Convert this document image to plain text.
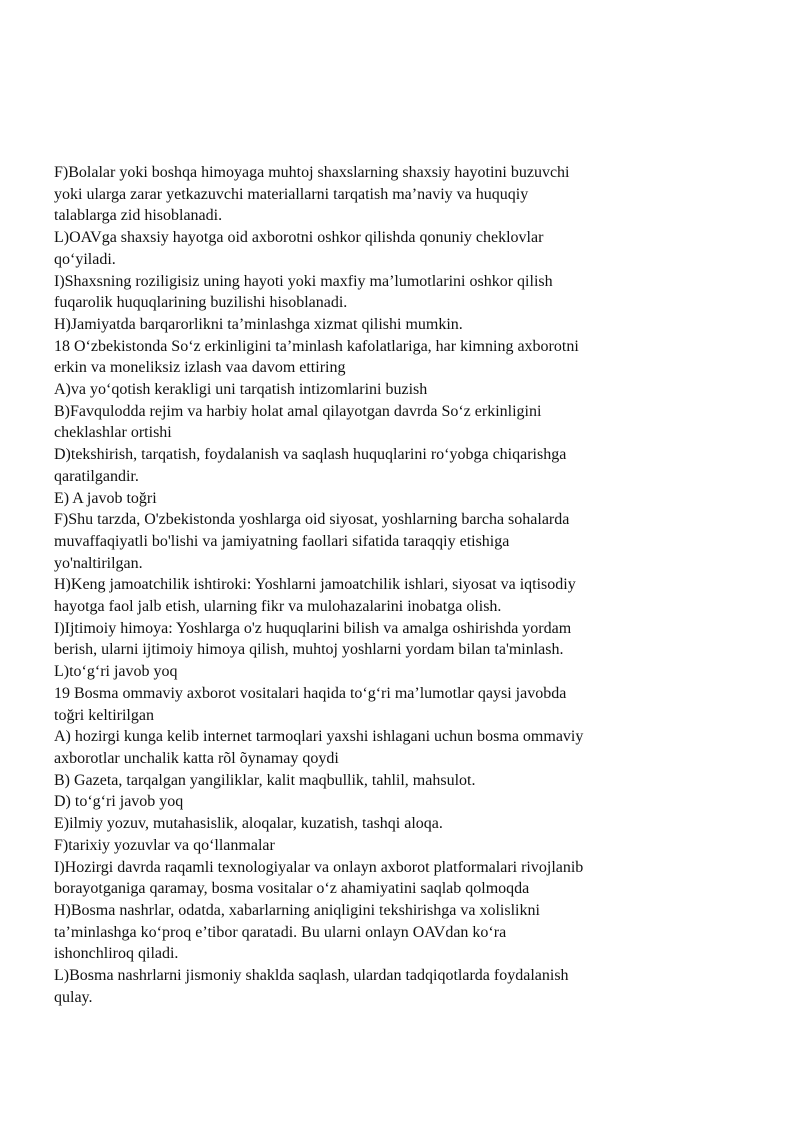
F)Bolalar yoki boshqa himoyaga muhtoj shaxslarning shaxsiy hayotini buzuvchi
yoki ularga zarar yetkazuvchi materiallarni tarqatish ma’naviy va huquqiy
talablarga zid hisoblanadi.
L)OAVga shaxsiy hayotga oid axborotni oshkor qilishda qonuniy cheklovlar
qo‘yiladi.
I)Shaxsning roziligisiz uning hayoti yoki maxfiy ma’lumotlarini oshkor qilish
fuqarolik huquqlarining buzilishi hisoblanadi.
H)Jamiyatda barqarorlikni ta’minlashga xizmat qilishi mumkin.
18 O‘zbekistonda So‘z erkinligini ta’minlash kafolatlariga, har kimning axborotni
erkin va moneliksiz izlash vaa davom ettiring
A)va yo‘qotish kerakligi uni tarqatish intizomlarini buzish
B)Favqulodda rejim va harbiy holat amal qilayotgan davrda So‘z erkinligini
cheklashlar ortishi
D)tekshirish, tarqatish, foydalanish va saqlash huquqlarini ro‘yobga chiqarishga
qaratilgandir.
E) A javob toğri
F)Shu tarzda, O'zbekistonda yoshlarga oid siyosat, yoshlarning barcha sohalarda
muvaffaqiyatli bo'lishi va jamiyatning faollari sifatida taraqqiy etishiga
yo'naltirilgan.
H)Keng jamoatchilik ishtiroki: Yoshlarni jamoatchilik ishlari, siyosat va iqtisodiy
hayotga faol jalb etish, ularning fikr va mulohazalarini inobatga olish.
I)Ijtimoiy himoya: Yoshlarga o'z huquqlarini bilish va amalga oshirishda yordam
berish, ularni ijtimoiy himoya qilish, muhtoj yoshlarni yordam bilan ta'minlash.
L)to‘g‘ri javob yoq
19 Bosma ommaviy axborot vositalari haqida to‘g‘ri ma’lumotlar qaysi javobda
toğri keltirilgan
A) hozirgi kunga kelib internet tarmoqlari yaxshi ishlagani uchun bosma ommaviy
axborotlar unchalik katta rõl õynamay qoydi
B) Gazeta, tarqalgan yangiliklar, kalit maqbullik, tahlil, mahsulot.
D) to‘g‘ri javob yoq
E)ilmiy yozuv, mutahasislik, aloqalar, kuzatish, tashqi aloqa.
F)tarixiy yozuvlar va qo‘llanmalar
I)Hozirgi davrda raqamli texnologiyalar va onlayn axborot platformalari rivojlanib
borayotganiga qaramay, bosma vositalar o‘z ahamiyatini saqlab qolmoqda
H)Bosma nashrlar, odatda, xabarlarning aniqligini tekshirishga va xolislikni
ta’minlashga ko‘proq e’tibor qaratadi. Bu ularni onlayn OAVdan ko‘ra
ishonchliroq qiladi.
L)Bosma nashrlarni jismoniy shaklda saqlash, ulardan tadqiqotlarda foydalanish
qulay.
